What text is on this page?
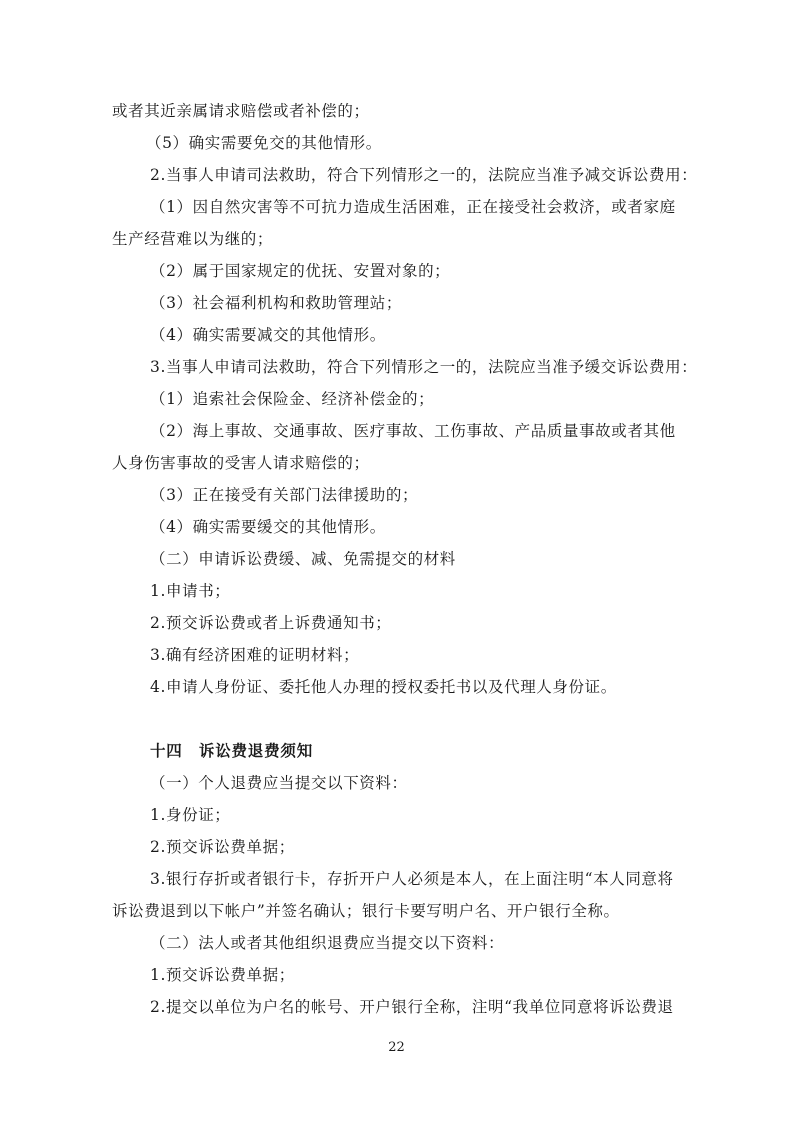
或者其近亲属请求赔偿或者补偿的；
（5）确实需要免交的其他情形。
2.当事人申请司法救助，符合下列情形之一的，法院应当准予减交诉讼费用：
（1）因自然灾害等不可抗力造成生活困难，正在接受社会救济，或者家庭
生产经营难以为继的；
（2）属于国家规定的优抚、安置对象的；
（3）社会福利机构和救助管理站；
（4）确实需要减交的其他情形。
3.当事人申请司法救助，符合下列情形之一的，法院应当准予缓交诉讼费用：
（1）追索社会保险金、经济补偿金的；
（2）海上事故、交通事故、医疗事故、工伤事故、产品质量事故或者其他
人身伤害事故的受害人请求赔偿的；
（3）正在接受有关部门法律援助的；
（4）确实需要缓交的其他情形。
（二）申请诉讼费缓、减、免需提交的材料
1.申请书；
2.预交诉讼费或者上诉费通知书；
3.确有经济困难的证明材料；
4.申请人身份证、委托他人办理的授权委托书以及代理人身份证。
十四　诉讼费退费须知
（一）个人退费应当提交以下资料：
1.身份证；
2.预交诉讼费单据；
3.银行存折或者银行卡，存折开户人必须是本人，在上面注明“本人同意将
诉讼费退到以下帐户”并签名确认；银行卡要写明户名、开户银行全称。
（二）法人或者其他组织退费应当提交以下资料：
1.预交诉讼费单据；
2.提交以单位为户名的帐号、开户银行全称，注明“我单位同意将诉讼费退
22
